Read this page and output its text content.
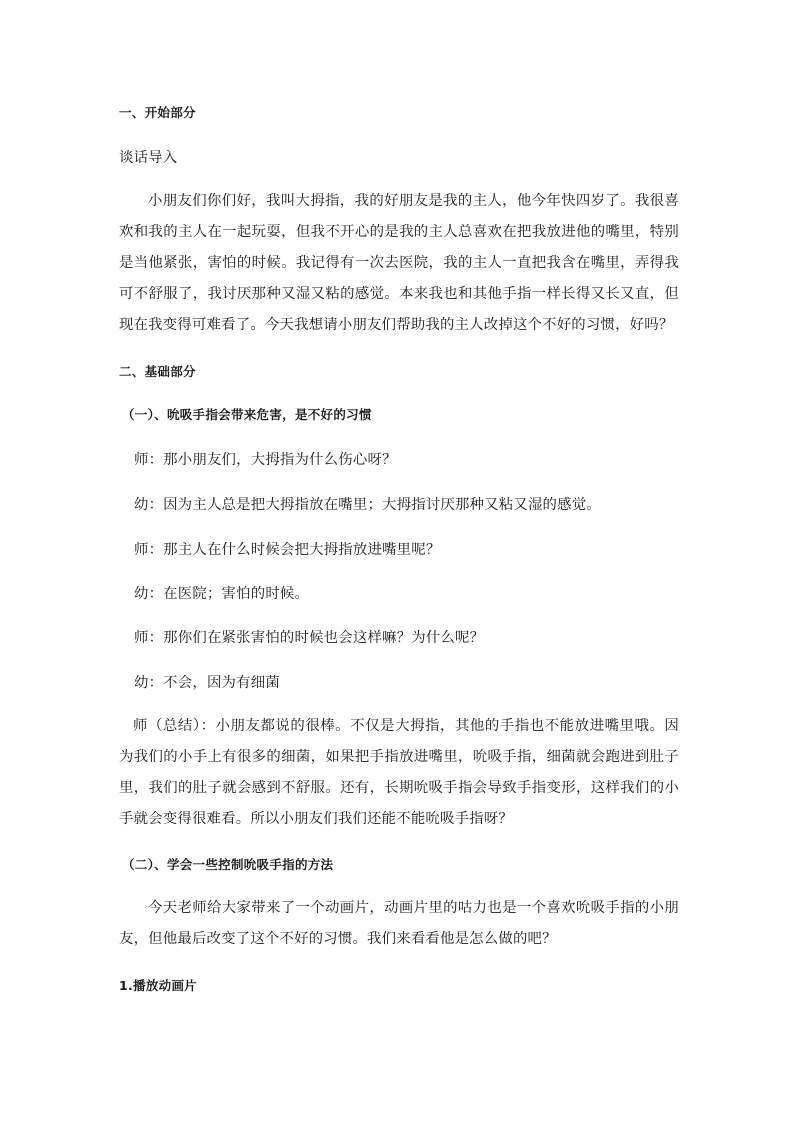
一、开始部分
谈话导入
小朋友们你们好，我叫大拇指，我的好朋友是我的主人，他今年快四岁了。我很喜欢和我的主人在一起玩耍，但我不开心的是我的主人总喜欢在把我放进他的嘴里，特别是当他紧张，害怕的时候。我记得有一次去医院，我的主人一直把我含在嘴里，弄得我可不舒服了，我讨厌那种又湿又粘的感觉。本来我也和其他手指一样长得又长又直，但现在我变得可难看了。今天我想请小朋友们帮助我的主人改掉这个不好的习惯，好吗？
二、基础部分
（一）、吮吸手指会带来危害，是不好的习惯
师：那小朋友们，大拇指为什么伤心呀？
幼：因为主人总是把大拇指放在嘴里；大拇指讨厌那种又粘又湿的感觉。
师：那主人在什么时候会把大拇指放进嘴里呢？
幼：在医院；害怕的时候。
师：那你们在紧张害怕的时候也会这样嘛？为什么呢？
幼：不会，因为有细菌
师（总结）：小朋友都说的很棒。不仅是大拇指，其他的手指也不能放进嘴里哦。因为我们的小手上有很多的细菌，如果把手指放进嘴里，吮吸手指，细菌就会跑进到肚子里，我们的肚子就会感到不舒服。还有，长期吮吸手指会导致手指变形，这样我们的小手就会变得很难看。所以小朋友们我们还能不能吮吸手指呀？
（二）、学会一些控制吮吸手指的方法
今天老师给大家带来了一个动画片，动画片里的咕力也是一个喜欢吮吸手指的小朋友，但他最后改变了这个不好的习惯。我们来看看他是怎么做的吧？
1.播放动画片
